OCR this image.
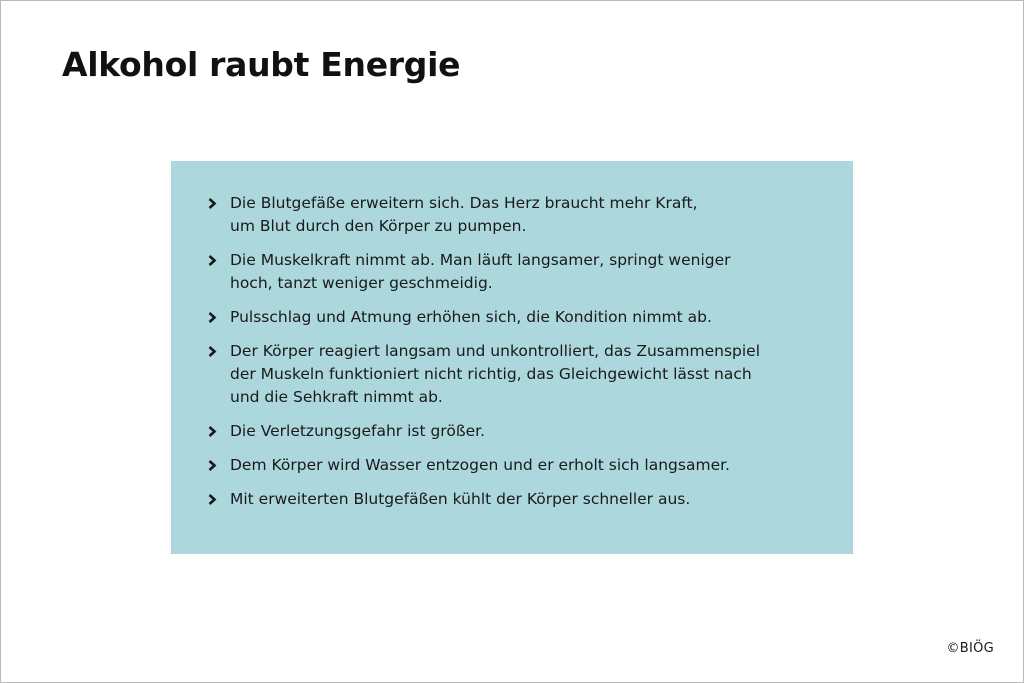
Alkohol raubt Energie
Die Blutgefäße erweitern sich. Das Herz braucht mehr Kraft,
um Blut durch den Körper zu pumpen.
Die Muskelkraft nimmt ab. Man läuft langsamer, springt weniger
hoch, tanzt weniger geschmeidig.
Pulsschlag und Atmung erhöhen sich, die Kondition nimmt ab.
Der Körper reagiert langsam und unkontrolliert, das Zusammenspiel
der Muskeln funktioniert nicht richtig, das Gleichgewicht lässt nach
und die Sehkraft nimmt ab.
Die Verletzungsgefahr ist größer.
Dem Körper wird Wasser entzogen und er erholt sich langsamer.
Mit erweiterten Blutgefäßen kühlt der Körper schneller aus.
©BIÖG
